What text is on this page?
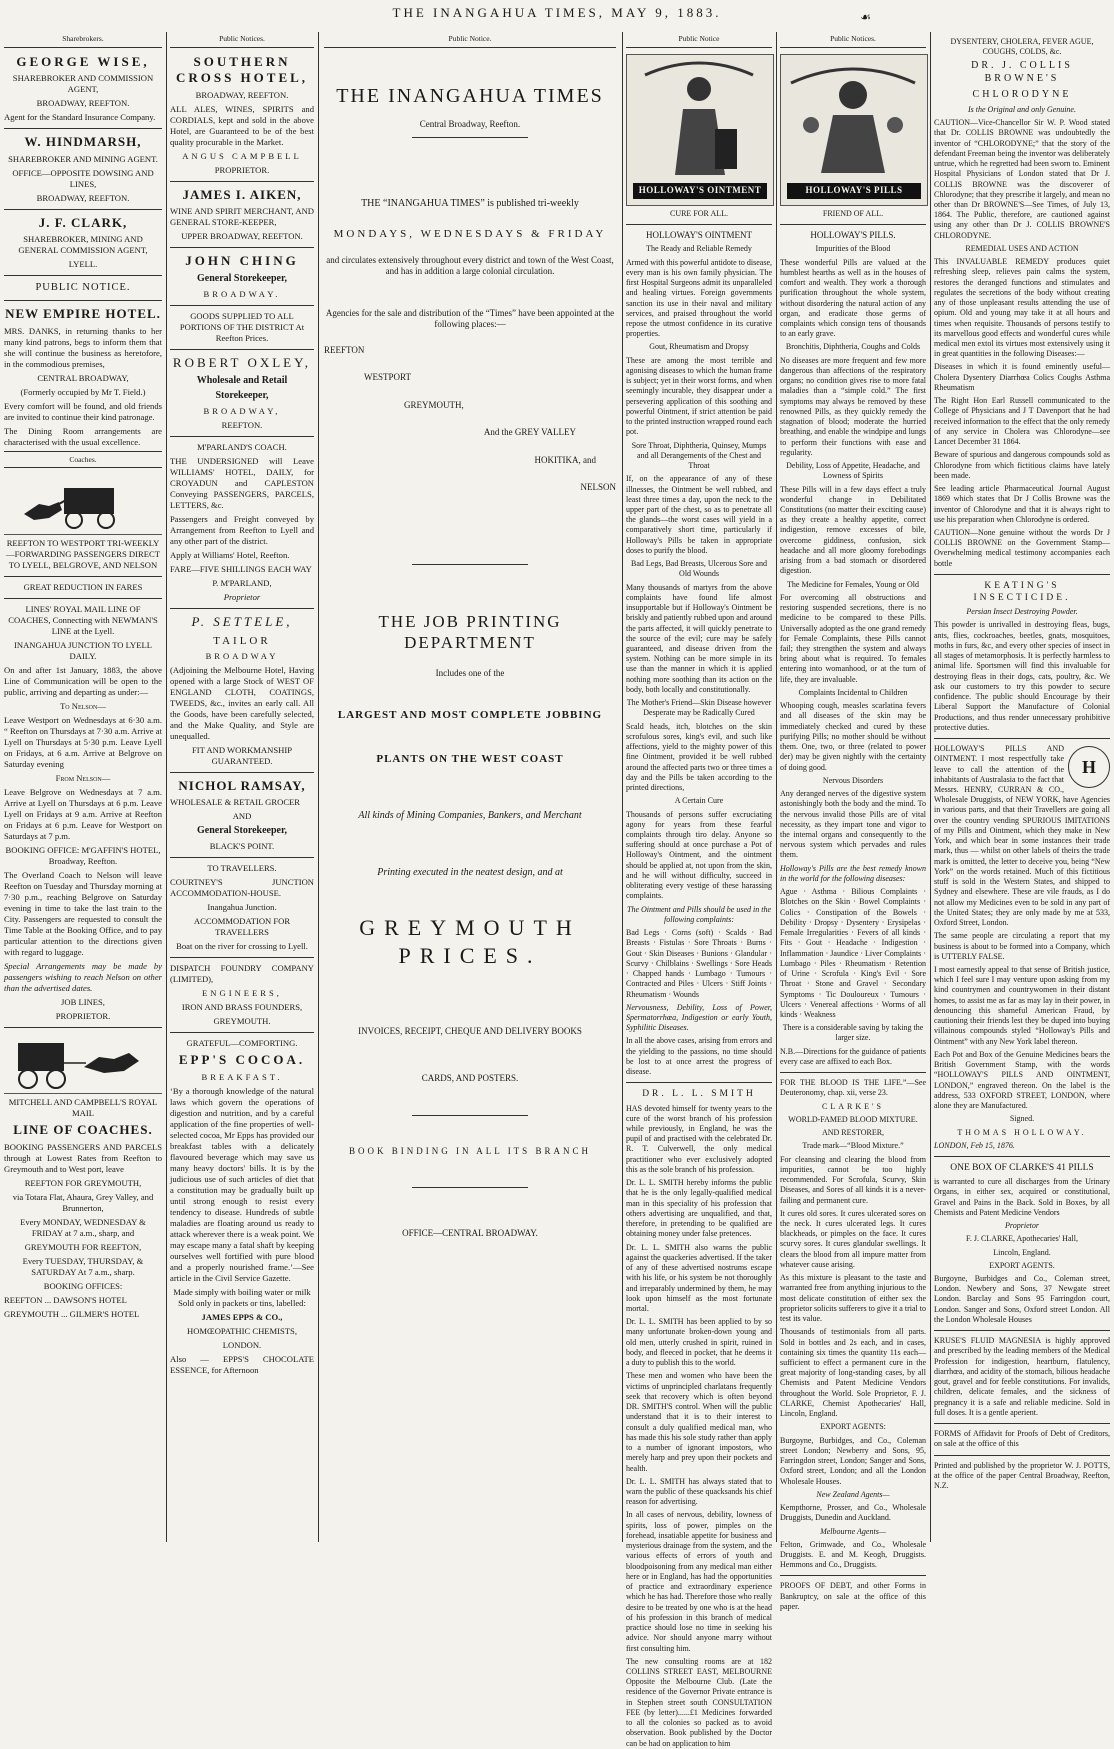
THE INANGAHUA TIMES, MAY 9, 1883.	☙
Sharebrokers.
GEORGE WISE,

SHAREBROKER AND COMMISSION AGENT,

BROADWAY, REEFTON.

Agent for the Standard Insurance Company.

W. HINDMARSH,

SHAREBROKER AND MINING AGENT.

OFFICE—OPPOSITE DOWSING AND LINES,

BROADWAY, REEFTON.

J. F. CLARK,

SHAREBROKER, MINING AND GENERAL COMMISSION AGENT,

LYELL.

PUBLIC NOTICE.
NEW EMPIRE HOTEL.

MRS. DANKS, in returning thanks to her many kind patrons, begs to inform them that she will continue the business as heretofore, in the commodious premises,

CENTRAL BROADWAY,

(Formerly occupied by Mr T. Field.)

Every comfort will be found, and old friends are invited to continue their kind patronage.

The Dining Room arrangements are characterised with the usual excellence.

Coaches.

REEFTON TO WESTPORT TRI-WEEKLY—FORWARDING PASSENGERS DIRECT TO LYELL, BELGROVE, AND NELSON

GREAT REDUCTION IN FARES

LINES' ROYAL MAIL LINE OF COACHES, Connecting with NEWMAN'S LINE at the Lyell.

INANGAHUA JUNCTION TO LYELL DAILY.

On and after 1st January, 1883, the above Line of Communication will be open to the public, arriving and departing as under:—

To Nelson—

Leave Westport on Wednesdays at 6·30 a.m. “ Reefton on Thursdays at 7·30 a.m. Arrive at Lyell on Thursdays at 5·30 p.m. Leave Lyell on Fridays, at 6 a.m. Arrive at Belgrove on Saturday evening

From Nelson—

Leave Belgrove on Wednesdays at 7 a.m. Arrive at Lyell on Thursdays at 6 p.m. Leave Lyell on Fridays at 9 a.m. Arrive at Reefton on Fridays at 6 p.m. Leave for Westport on Saturdays at 7 p.m.

BOOKING OFFICE: M'GAFFIN'S HOTEL, Broadway, Reefton.

The Overland Coach to Nelson will leave Reefton on Tuesday and Thursday morning at 7·30 p.m., reaching Belgrove on Saturday evening in time to take the last train to the City. Passengers are requested to consult the Time Table at the Booking Office, and to pay particular attention to the directions given with regard to luggage.

Special Arrangements may be made by passengers wishing to reach Nelson on other than the advertised dates.

JOB LINES,

PROPRIETOR.

MITCHELL AND CAMPBELL'S ROYAL MAIL

LINE OF COACHES.

BOOKING PASSENGERS AND PARCELS through at Lowest Rates from Reefton to Greymouth and to West port, leave

REEFTON FOR GREYMOUTH,

via Totara Flat, Ahaura, Grey Valley, and Brunnerton,

Every MONDAY, WEDNESDAY & FRIDAY at 7 a.m., sharp, and

GREYMOUTH FOR REEFTON,

Every TUESDAY, THURSDAY, & SATURDAY At 7 a.m., sharp.

BOOKING OFFICES:

REEFTON ... DAWSON'S HOTEL

GREYMOUTH ... GILMER'S HOTEL

Public Notices.
SOUTHERN CROSS HOTEL,

BROADWAY, REEFTON.

ALL ALES, WINES, SPIRITS and CORDIALS, kept and sold in the above Hotel, are Guaranteed to be of the best quality procurable in the Market.

ANGUS CAMPBELL

PROPRIETOR.

JAMES I. AIKEN,

WINE AND SPIRIT MERCHANT, AND GENERAL STORE-KEEPER,

UPPER BROADWAY, REEFTON.

JOHN CHING

General Storekeeper,

BROADWAY.

GOODS SUPPLIED TO ALL PORTIONS OF THE DISTRICT At Reefton Prices.

ROBERT OXLEY,

Wholesale and Retail

Storekeeper,

BROADWAY,

REEFTON.

M'PARLAND'S COACH.

THE UNDERSIGNED will Leave WILLIAMS' HOTEL, DAILY, for CROYADUN and CAPLESTON Conveying PASSENGERS, PARCELS, LETTERS, &c.

Passengers and Freight conveyed by Arrangement from Reefton to Lyell and any other part of the district.

Apply at Williams' Hotel, Reefton.

FARE—FIVE SHILLINGS EACH WAY

P. M'PARLAND,

Proprietor

P. SETTELE,

TAILOR

BROADWAY

(Adjoining the Melbourne Hotel, Having opened with a large Stock of WEST OF ENGLAND CLOTH, COATINGS, TWEEDS, &c., invites an early call. All the Goods, have been carefully selected, and the Make Quality, and Style are unequalled.

FIT AND WORKMANSHIP GUARANTEED.

NICHOL RAMSAY,

WHOLESALE & RETAIL GROCER

AND

General Storekeeper,

BLACK'S POINT.

TO TRAVELLERS.

COURTNEY'S JUNCTION ACCOMMODATION-HOUSE.

Inangahua Junction.

ACCOMMODATION FOR TRAVELLERS

Boat on the river for crossing to Lyell.

DISPATCH FOUNDRY COMPANY (LIMITED),

ENGINEERS,

IRON AND BRASS FOUNDERS,

GREYMOUTH.

GRATEFUL—COMFORTING.

EPP'S COCOA.

BREAKFAST.

‘By a thorough knowledge of the natural laws which govern the operations of digestion and nutrition, and by a careful application of the fine properties of well-selected cocoa, Mr Epps has provided our breakfast tables with a delicately flavoured beverage which may save us many heavy doctors' bills. It is by the judicious use of such articles of diet that a constitution may be gradually built up until strong enough to resist every tendency to disease. Hundreds of subtle maladies are floating around us ready to attack wherever there is a weak point. We may escape many a fatal shaft by keeping ourselves well fortified with pure blood and a properly nourished frame.’—See article in the Civil Service Gazette.

Made simply with boiling water or milk Sold only in packets or tins, labelled:

JAMES EPPS & CO.,

HOMŒOPATHIC CHEMISTS,

LONDON.

Also — EPPS'S CHOCOLATE ESSENCE, for Afternoon

Public Notice.
THE INANGAHUA TIMES

Central Broadway, Reefton.

THE “INANGAHUA TIMES” is published tri-weekly

MONDAYS, WEDNESDAYS & FRIDAY

and circulates extensively throughout every district and town of the West Coast, and has in addition a large colonial circulation.

Agencies for the sale and distribution of the “Times” have been appointed at the following places:—

REEFTON

WESTPORT

GREYMOUTH,

And the GREY VALLEY

HOKITIKA, and

NELSON

THE JOB PRINTING DEPARTMENT

Includes one of the

LARGEST AND MOST COMPLETE JOBBING
PLANTS ON THE WEST COAST

All kinds of Mining Companies, Bankers, and Merchant

Printing executed in the neatest design, and at

GREYMOUTH PRICES.

INVOICES, RECEIPT, CHEQUE AND DELIVERY BOOKS

CARDS, AND POSTERS.

BOOK BINDING IN ALL ITS BRANCH

OFFICE—CENTRAL BROADWAY.

Public Notice
HOLLOWAY'S OINTMENT

CURE FOR ALL.

HOLLOWAY'S OINTMENT

The Ready and Reliable Remedy

Armed with this powerful antidote to disease, every man is his own family physician. The first Hospital Surgeons admit its unparalleled and healing virtues. Foreign governments sanction its use in their naval and military services, and praised throughout the world repose the utmost confidence in its curative properties.

Gout, Rheumatism and Dropsy

These are among the most terrible and agonising diseases to which the human frame is subject; yet in their worst forms, and when seemingly incurable, they disappear under a persevering application of this soothing and powerful Ointment, if strict attention be paid to the printed instruction wrapped round each pot.

Sore Throat, Diphtheria, Quinsey, Mumps and all Derangements of the Chest and Throat

If, on the appearance of any of these illnesses, the Ointment be well rubbed, and least three times a day, upon the neck to the upper part of the chest, so as to penetrate all the glands—the worst cases will yield in a comparatively short time, particularly if Holloway's Pills be taken in appropriate doses to purify the blood.

Bad Legs, Bad Breasts, Ulcerous Sore and Old Wounds

Many thousands of martyrs from the above complaints have found life almost insupportable but if Holloway's Ointment be briskly and patiently rubbed upon and around the parts affected, it will quickly penetrate to the source of the evil; cure may be safely guaranteed, and disease driven from the system. Nothing can be more simple in its use than the manner in which it is applied nothing more soothing than its action on the body, both locally and constitutionally.

The Mother's Friend—Skin Disease however Desperate may be Radically Cured

Scald heads, itch, blotches on the skin scrofulous sores, king's evil, and such like affections, yield to the mighty power of this fine Ointment, provided it be well rubbed around the affected parts two or three times a day and the Pills be taken according to the printed directions,

A Certain Cure

Thousands of persons suffer excruciating agony for years from these fearful complaints through tiro delay. Anyone so suffering should at once purchase a Pot of Holloway's Ointment, and the ointment should be applied at, not upon from the skin, and he will without difficulty, succeed in obliterating every vestige of these harassing complaints.

The Ointment and Pills should be used in the following complaints:

Bad Legs · Corns (soft) · Scalds · Bad Breasts · Fistulas · Sore Throats · Burns · Gout · Skin Diseases · Bunions · Glandular · Scurvy · Chilblains · Swellings · Sore Heads · Chapped hands · Lumbago · Tumours · Contracted and Piles · Ulcers · Stiff Joints · Rheumatism · Wounds

Nervousness, Debility, Loss of Power, Spermatorrhœa, Indigestion or early Youth, Syphilitic Diseases.

In all the above cases, arising from errors and the yielding to the passions, no time should be lost to at once arrest the progress of disease.

DR. L. L. SMITH

HAS devoted himself for twenty years to the cure of the worst branch of his profession while previously, in England, he was the pupil of and practised with the celebrated Dr. R. T. Culverwell, the only medical practitioner who ever exclusively adopted this as the sole branch of his profession.

Dr. L. L. SMITH hereby informs the public that he is the only legally-qualified medical man in this speciality of his profession that others advertising are unqualified, and that, therefore, in pretending to be qualified are obtaining money under false pretences.

Dr. L. L. SMITH also warns the public against the quackeries advertised. If the taker of any of these advertised nostrums escape with his life, or his system be not thoroughly and irreparably undermined by them, he may look upon himself as the most fortunate mortal.

Dr. L. L. SMITH has been applied to by so many unfortunate broken-down young and old men, utterly crushed in spirit, ruined in body, and fleeced in pocket, that he deems it a duty to publish this to the world.

These men and women who have been the victims of unprincipled charlatans frequently seek that recovery which is often beyond DR. SMITH'S control. When will the public understand that it is to their interest to consult a duly qualified medical man, who has made this his sole study rather than apply to a number of ignorant impostors, who merely harp and prey upon their pockets and health.

Dr. L. L. SMITH has always stated that to warn the public of these quacksands his chief reason for advertising.

In all cases of nervous, debility, lowness of spirits, loss of power, pimples on the forehead, insatiable appetite for business and mysterious drainage from the system, and the various effects of errors of youth and bloodpoisoning from any medical man either here or in England, has had the opportunities of practice and extraordinary experience which he has had. Therefore those who really desire to be treated by one who is at the head of his profession in this branch of medical practice should lose no time in seeking his advice. Nor should anyone marry without first consulting him.

The new consulting rooms are at 182 COLLINS STREET EAST, MELBOURNE Opposite the Melbourne Club. (Late the residence of the Governor Private entrance is in Stephen street south CONSULTATION FEE (by letter)......£1 Medicines forwarded to all the colonies so packed as to avoid observation. Book published by the Doctor can be had on application to him

Public Notices.
HOLLOWAY'S PILLS

FRIEND OF ALL.

HOLLOWAY'S PILLS.

Impurities of the Blood

These wonderful Pills are valued at the humblest hearths as well as in the houses of comfort and wealth. They work a thorough purification throughout the whole system, without disordering the natural action of any organ, and eradicate those germs of complaints which consign tens of thousands to an early grave.

Bronchitis, Diphtheria, Coughs and Colds

No diseases are more frequent and few more dangerous than affections of the respiratory organs; no condition gives rise to more fatal maladies than a “simple cold.” The first symptoms may always be removed by these renowned Pills, as they quickly remedy the stagnation of blood; moderate the hurried breathing, and enable the windpipe and lungs to perform their functions with ease and regularity.

Debility, Loss of Appetite, Headache, and Lowness of Spirits

These Pills will in a few days effect a truly wonderful change in Debilitated Constitutions (no matter their exciting cause) as they create a healthy appetite, correct indigestion, remove excesses of bile, overcome giddiness, confusion, sick headache and all more gloomy forebodings arising from a bad stomach or disordered digestion.

The Medicine for Females, Young or Old

For overcoming all obstructions and restoring suspended secretions, there is no medicine to be compared to these Pills. Universally adopted as the one grand remedy for Female Complaints, these Pills cannot fail; they strengthen the system and always bring about what is required. To females entering into womanhood, or at the turn of life, they are invaluable.

Complaints Incidental to Children

Whooping cough, measles scarlatina fevers and all diseases of the skin may be immediately checked and cured by these purifying Pills; no mother should be without them. One, two, or three (related to power der) may be given nightly with the certainty of doing good.

Nervous Disorders

Any deranged nerves of the digestive system astonishingly both the body and the mind. To the nervous invalid those Pills are of vital necessity, as they impart tone and vigor to the internal organs and consequently to the nervous system which pervades and rules them.

Holloway's Pills are the best remedy known in the world for the following diseases:

Ague · Asthma · Bilious Complaints · Blotches on the Skin · Bowel Complaints · Colics · Constipation of the Bowels · Debility · Dropsy · Dysentery · Erysipelas · Female Irregularities · Fevers of all kinds · Fits · Gout · Headache · Indigestion · Inflammation · Jaundice · Liver Complaints · Lumbago · Piles · Rheumatism · Retention of Urine · Scrofula · King's Evil · Sore Throat · Stone and Gravel · Secondary Symptoms · Tic Douloureux · Tumours · Ulcers · Venereal affections · Worms of all kinds · Weakness

There is a considerable saving by taking the larger size.

N.B.—Directions for the guidance of patients every case are affixed to each Box.

FOR THE BLOOD IS THE LIFE.”—See Deuteronomy, chap. xii, verse 23.

CLARKE'S

WORLD-FAMED BLOOD MIXTURE.

AND RESTORER,

Trade mark—“Blood Mixture.”

For cleansing and clearing the blood from impurities, cannot be too highly recommended. For Scrofula, Scurvy, Skin Diseases, and Sores of all kinds it is a never-failing and permanent cure.

It cures old sores. It cures ulcerated sores on the neck. It cures ulcerated legs. It cures blackheads, or pimples on the face. It cures scurvy sores. It cures glandular swellings. It clears the blood from all impure matter from whatever cause arising.

As this mixture is pleasant to the taste and warranted free from anything injurious to the most delicate constitution of either sex the proprietor solicits sufferers to give it a trial to test its value.

Thousands of testimonials from all parts. Sold in bottles and 2s each, and in cases, containing six times the quantity 11s each—sufficient to effect a permanent cure in the great majority of long-standing cases, by all Chemists and Patent Medicine Vendors throughout the World. Sole Proprietor, F. J. CLARKE, Chemist Apothecaries' Hall, Lincoln, England.

EXPORT AGENTS:

Burgoyne, Burbidges, and Co., Coleman street London; Newberry and Sons, 95, Farringdon street, London; Sanger and Sons, Oxford street, London; and all the London Wholesale Houses.

New Zealand Agents—

Kempthorne, Prosser, and Co., Wholesale Druggists, Dunedin and Auckland.

Melbourne Agents—

Felton, Grimwade, and Co., Wholesale Druggists. E. and M. Keogh, Druggists. Hemmons and Co., Druggists.

PROOFS OF DEBT, and other Forms in Bankruptcy, on sale at the office of this paper.

DYSENTERY, CHOLERA, FEVER AGUE, COUGHS, COLDS, &c.

DR. J. COLLIS BROWNE'S

CHLORODYNE

Is the Original and only Genuine.

CAUTION—Vice-Chancellor Sir W. P. Wood stated that Dr. COLLIS BROWNE was undoubtedly the inventor of “CHLORODYNE;” that the story of the defendant Freeman being the inventor was deliberately untrue, which he regretted had been sworn to. Eminent Hospital Physicians of London stated that Dr J. COLLIS BROWNE was the discoverer of Chlorodyne; that they prescribe it largely, and mean no other than Dr BROWNE'S—See Times, of July 13, 1864. The Public, therefore, are cautioned against using any other than Dr J. COLLIS BROWNE'S CHLORODYNE.

REMEDIAL USES AND ACTION

This INVALUABLE REMEDY produces quiet refreshing sleep, relieves pain calms the system, restores the deranged functions and stimulates and regulates the secretions of the body without creating any of those unpleasant results attending the use of opium. Old and young may take it at all hours and times when requisite. Thousands of persons testify to its marvellous good effects and wonderful cures while medical men extol its virtues most extensively using it in great quantities in the following Diseases:—

Diseases in which it is found eminently useful—Cholera Dysentery Diarrhœa Colics Coughs Asthma Rheumatism

The Right Hon Earl Russell communicated to the College of Physicians and J T Davenport that he had received information to the effect that the only remedy of any service in Cholera was Chlorodyne—see Lancet December 31 1864.

Beware of spurious and dangerous compounds sold as Chlorodyne from which fictitious claims have lately been made.

See leading article Pharmaceutical Journal August 1869 which states that Dr J Collis Browne was the inventor of Chlorodyne and that it is always right to use his preparation when Chlorodyne is ordered.

CAUTION—None genuine without the words Dr J COLLIS BROWNE on the Government Stamp—Overwhelming medical testimony accompanies each bottle

KEATING'S INSECTICIDE.

Persian Insect Destroying Powder.

This powder is unrivalled in destroying fleas, bugs, ants, flies, cockroaches, beetles, gnats, mosquitoes, moths in furs, &c, and every other species of insect in all stages of metamorphosis. It is perfectly harmless to animal life. Sportsmen will find this invaluable for destroying fleas in their dogs, cats, poultry, &c. We ask our customers to try this powder to secure confidence. The public should Encourage by their Liberal Support the Manufacture of Colonial Productions, and thus render unnecessary prohibitive protective duties.

H

HOLLOWAY'S PILLS AND OINTMENT. I most respectfully take leave to call the attention of the inhabitants of Australasia to the fact that Messrs. HENRY, CURRAN & CO., Wholesale Druggists, of NEW YORK, have Agencies in various parts, and that their Travellers are going all over the country vending SPURIOUS IMITATIONS of my Pills and Ointment, which they make in New York, and which bear in some instances their trade mark, thus — whilst on other labels of theirs the trade mark is omitted, the letter to deceive you, being “New York” on the words retained. Much of this fictitious stuff is sold in the Western States, and shipped to Sydney and elsewhere. These are vile frauds, as I do not allow my Medicines even to be sold in any part of the United States; they are only made by me at 533, Oxford Street, London.

The same people are circulating a report that my business is about to be formed into a Company, which is UTTERLY FALSE.

I most earnestly appeal to that sense of British justice, which I feel sure I may venture upon asking from my kind countrymen and countrywomen in their distant homes, to assist me as far as may lay in their power, in denouncing this shameful American Fraud, by cautioning their friends lest they be duped into buying villainous compounds styled “Holloway's Pills and Ointment” with any New York label thereon.

Each Pot and Box of the Genuine Medicines bears the British Government Stamp, with the words “HOLLOWAY'S PILLS AND OINTMENT, LONDON,” engraved thereon. On the label is the address, 533 OXFORD STREET, LONDON, where alone they are Manufactured.

Signed.

THOMAS HOLLOWAY.

LONDON, Feb 15, 1876.

ONE BOX OF CLARKE'S 41 PILLS

is warranted to cure all discharges from the Urinary Organs, in either sex, acquired or constitutional, Gravel and Pains in the Back. Sold in Boxes, by all Chemists and Patent Medicine Vendors

Proprietor

F. J. CLARKE, Apothecaries' Hall,

Lincoln, England.

EXPORT AGENTS.

Burgoyne, Burbidges and Co., Coleman street, London. Newbery and Sons, 37 Newgate street London. Barclay and Sons 95 Farringdon court, London. Sanger and Sons, Oxford street London. All the London Wholesale Houses

KRUSE'S FLUID MAGNESIA is highly approved and prescribed by the leading members of the Medical Profession for indigestion, heartburn, flatulency, diarrhœa, and acidity of the stomach, bilious headache gout, gravel and for feeble constitutions. For invalids, children, delicate females, and the sickness of pregnancy it is a safe and reliable medicine. Sold in full doses. It is a gentle aperient.

FORMS of Affidavit for Proofs of Debt of Creditors, on sale at the office of this

Printed and published by the proprietor W. J. POTTS, at the office of the paper Central Broadway, Reefton, N.Z.
